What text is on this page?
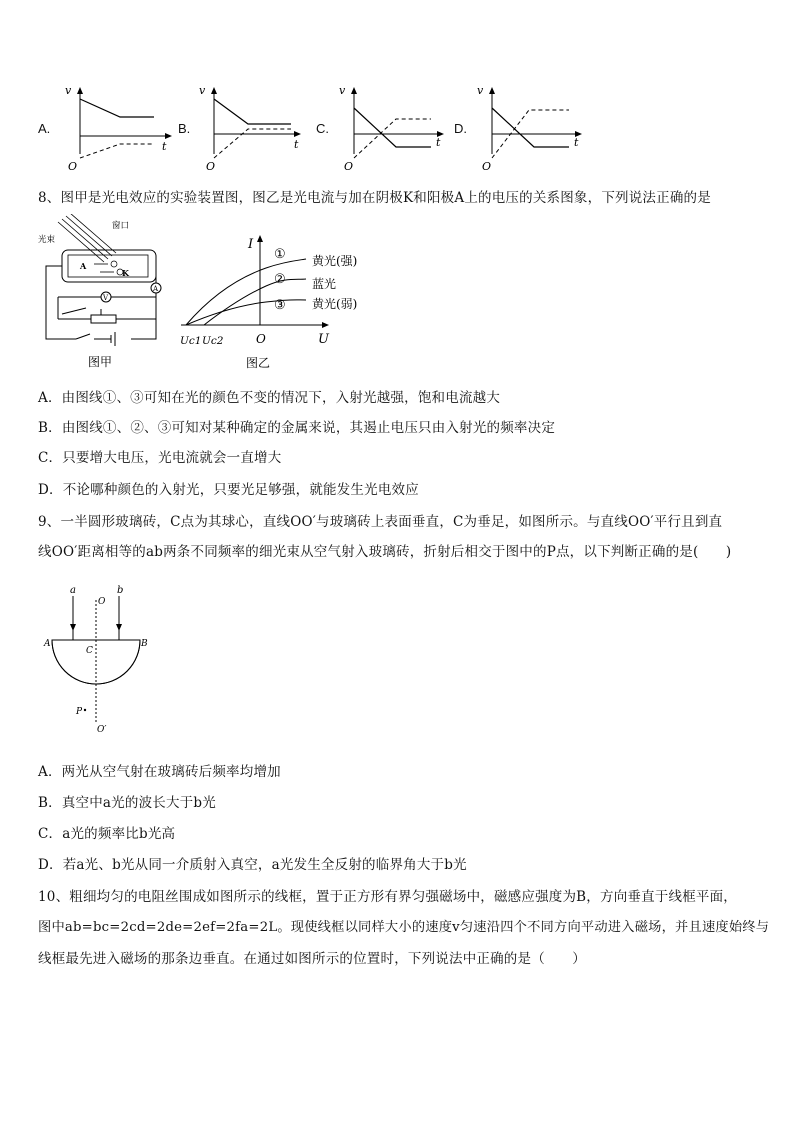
A.
v
t
O
B.
v
t
O
C.
v
t
O
D.
v
t
O
8、图甲是光电效应的实验装置图，图乙是光电流与加在阴极K和阳极A上的电压的关系图象，下列说法正确的是
光束
窗口
A
K
A
V
图甲
I
U
O
Uc1 Uc2
①
②
③
黄光(强)
蓝光
黄光(弱)
图乙
A．由图线①、③可知在光的颜色不变的情况下，入射光越强，饱和电流越大
B．由图线①、②、③可知对某种确定的金属来说，其遏止电压只由入射光的频率决定
C．只要增大电压，光电流就会一直增大
D．不论哪种颜色的入射光，只要光足够强，就能发生光电效应
9、一半圆形玻璃砖，C点为其球心，直线OO′与玻璃砖上表面垂直，C为垂足，如图所示。与直线OO′平行且到直
线OO′距离相等的ab两条不同频率的细光束从空气射入玻璃砖，折射后相交于图中的P点，以下判断正确的是(　　)
a	b
O
A	B
C
P
O′
A．两光从空气射在玻璃砖后频率均增加
B．真空中a光的波长大于b光
C．a光的频率比b光高
D．若a光、b光从同一介质射入真空，a光发生全反射的临界角大于b光
10、粗细均匀的电阻丝围成如图所示的线框，置于正方形有界匀强磁场中，磁感应强度为B，方向垂直于线框平面，
图中ab=bc=2cd=2de=2ef=2fa=2L。现使线框以同样大小的速度v匀速沿四个不同方向平动进入磁场，并且速度始终与
线框最先进入磁场的那条边垂直。在通过如图所示的位置时，下列说法中正确的是（　　）
